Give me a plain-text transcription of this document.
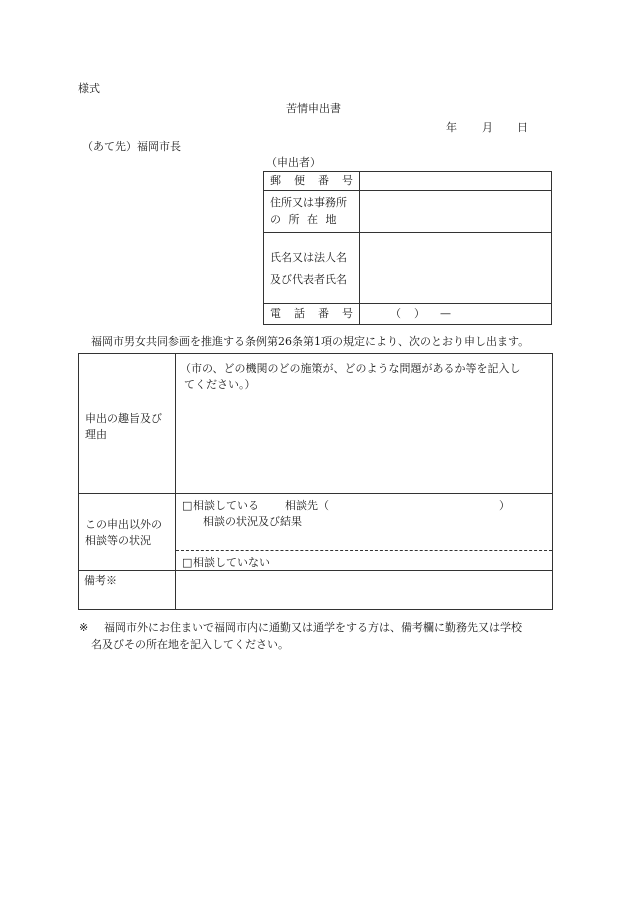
様式
苦情申出書
年 月 日
（あて先）福岡市長
（申出者）
郵便番号
住所又は事務所
の 所 在 地
氏名又は法人名
及び代表者氏名
電話番号 （ ） —
福岡市男女共同参画を推進する条例第26条第1項の規定により、次のとおり申し出ます。
申出の趣旨及び
理由
（市の、どの機関のどの施策が、どのような問題があるか等を記入し
てください。）
この申出以外の
相談等の状況
□ 相談している 相談先（	）
相談の状況及び結果
□ 相談していない
備考※
※ 福岡市外にお住まいで福岡市内に通勤又は通学をする方は、備考欄に勤務先又は学校
名及びその所在地を記入してください。
